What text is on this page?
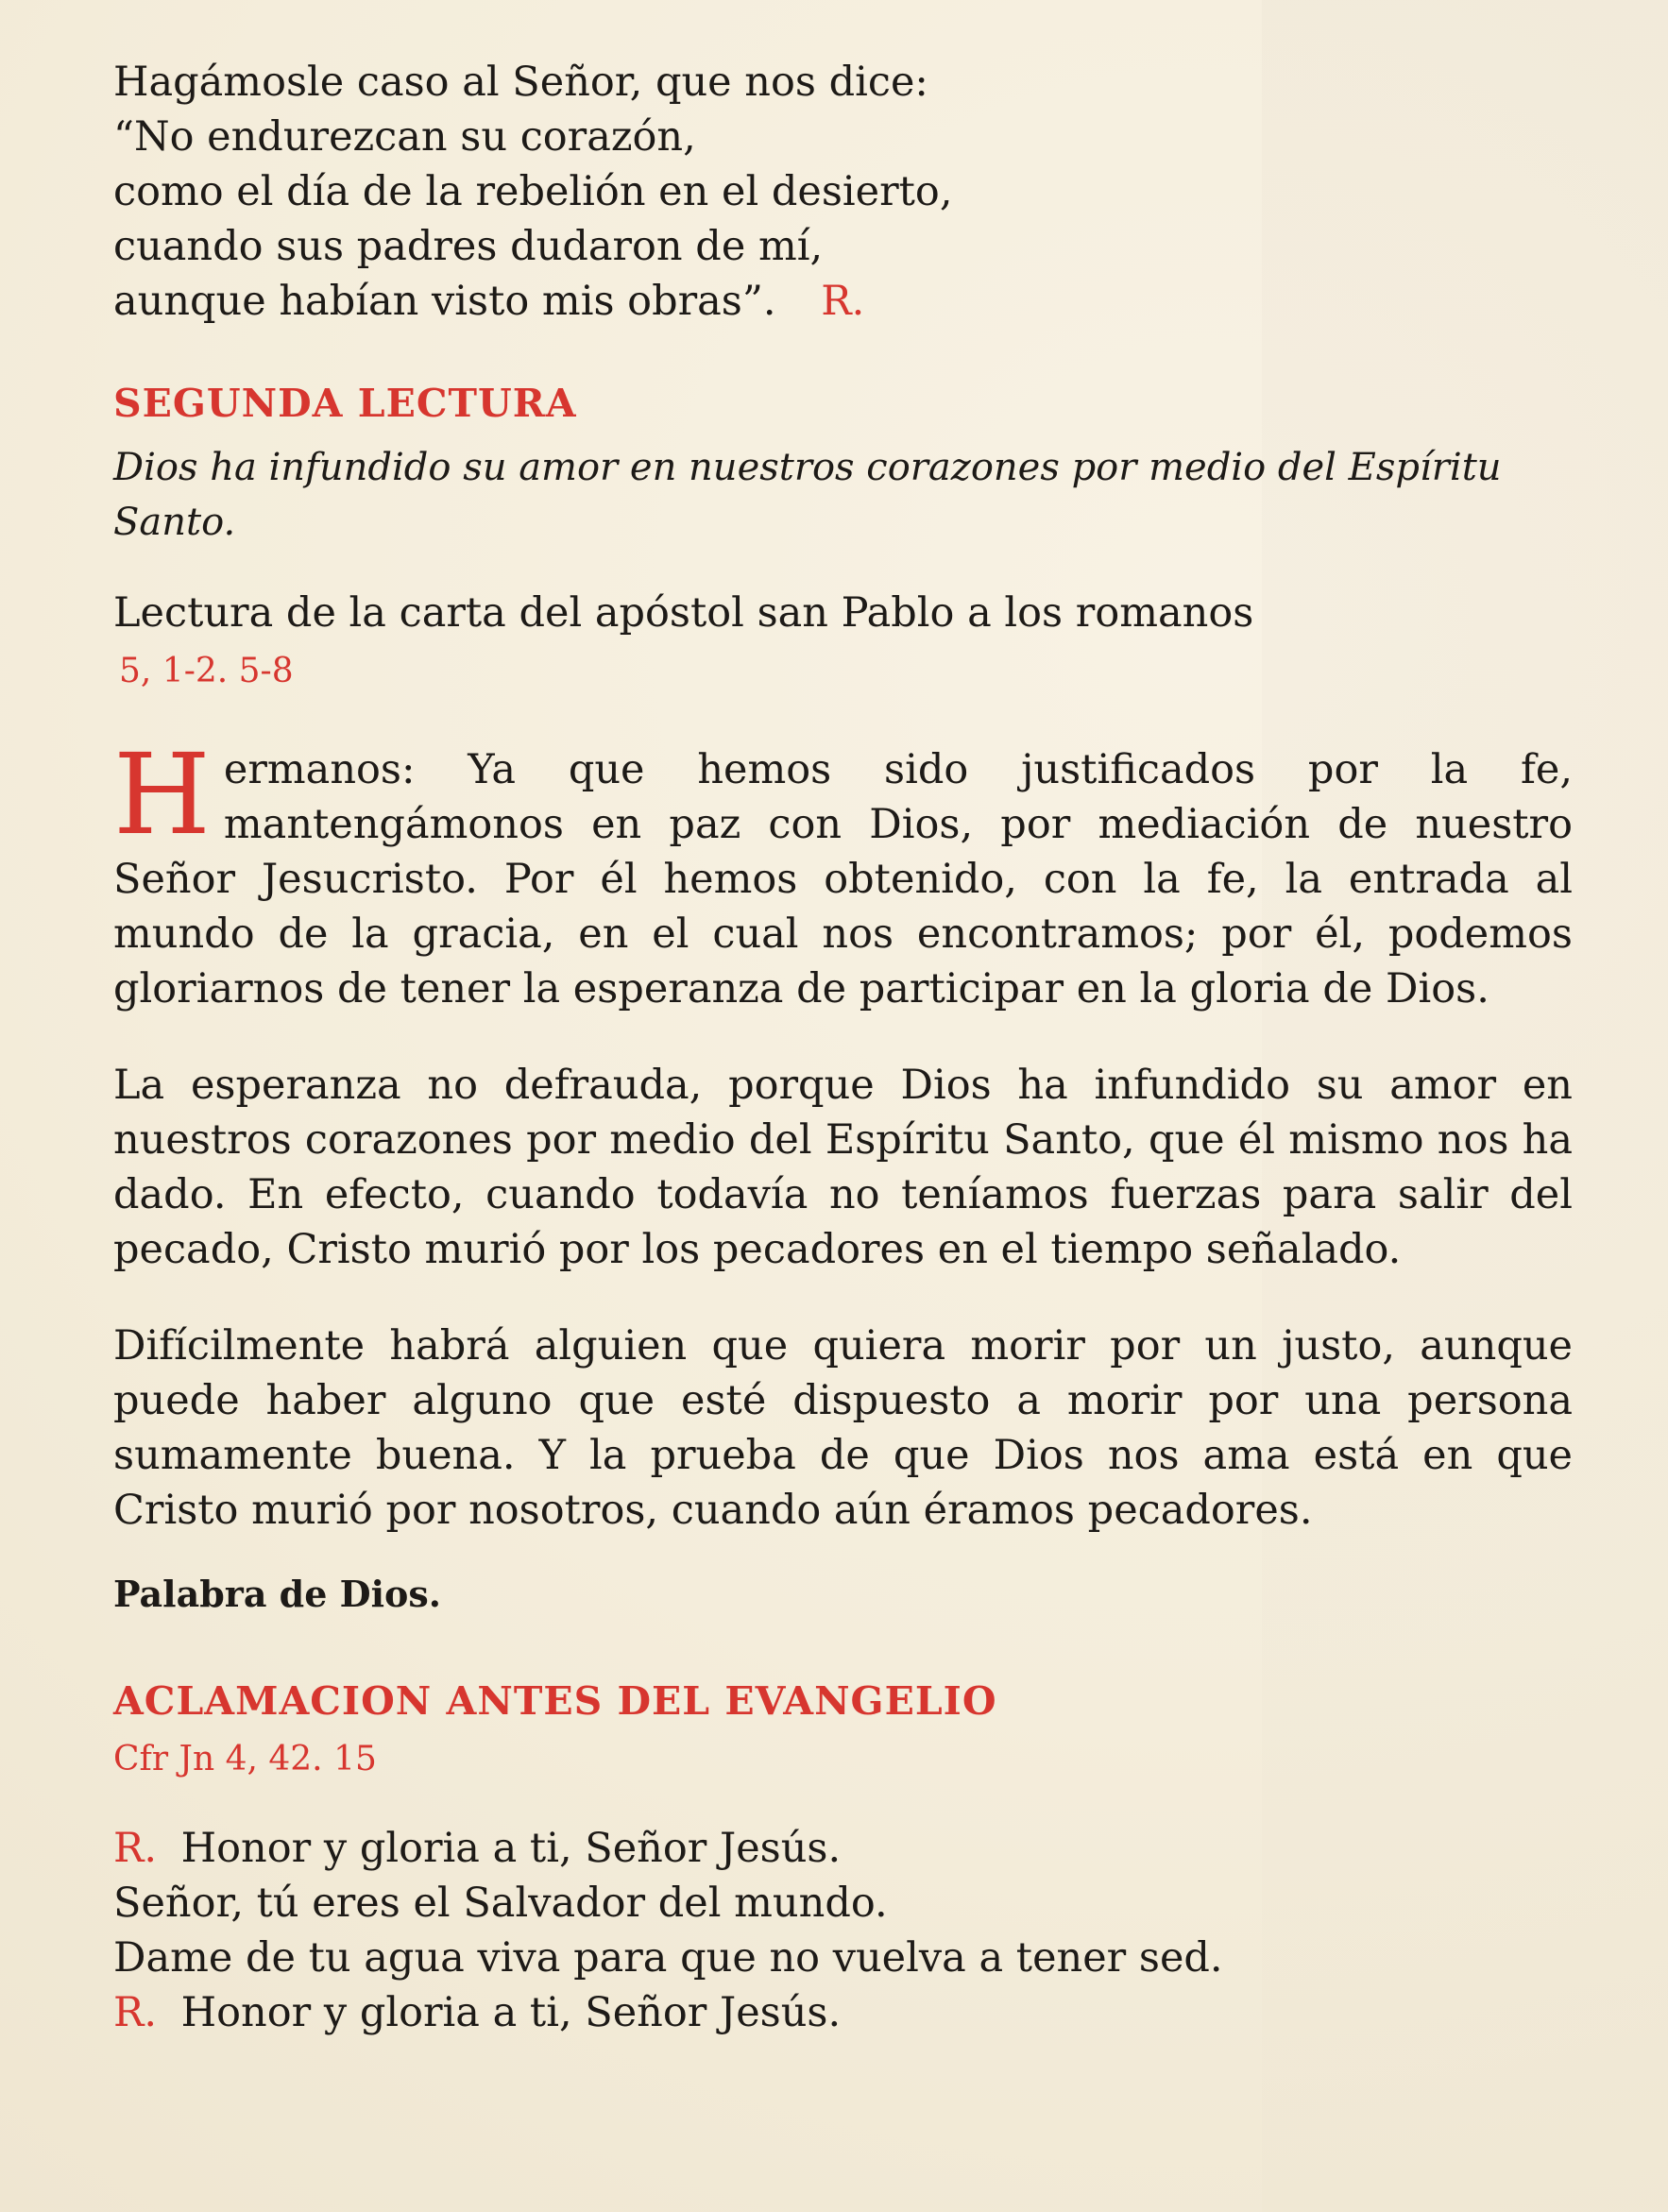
Hagámosle caso al Señor, que nos dice:

“No endurezcan su corazón,

como el día de la rebelión en el desierto,

cuando sus padres dudaron de mí,

aunque habían visto mis obras”. R.

SEGUNDA LECTURA

Dios ha infundido su amor en nuestros corazones por medio del Espíritu Santo.

Lectura de la carta del apóstol san Pablo a los romanos

5, 1-2. 5-8

H ermanos: Ya que hemos sido justificados por la fe, mantengámonos en paz con Dios, por mediación de nuestro Señor Jesucristo. Por él hemos obtenido, con la fe, la entrada al mundo de la gracia, en el cual nos encontramos; por él, podemos gloriarnos de tener la esperanza de participar en la gloria de Dios.

La esperanza no defrauda, porque Dios ha infundido su amor en nuestros corazones por medio del Espíritu Santo, que él mismo nos ha dado. En efecto, cuando todavía no teníamos fuerzas para salir del pecado, Cristo murió por los pecadores en el tiempo señalado.

Difícilmente habrá alguien que quiera morir por un justo, aunque puede haber alguno que esté dispuesto a morir por una persona sumamente buena. Y la prueba de que Dios nos ama está en que Cristo murió por nosotros, cuando aún éramos pecadores.

Palabra de Dios.

ACLAMACION ANTES DEL EVANGELIO

Cfr Jn 4, 42. 15

R. Honor y gloria a ti, Señor Jesús.

Señor, tú eres el Salvador del mundo.

Dame de tu agua viva para que no vuelva a tener sed.

R. Honor y gloria a ti, Señor Jesús.
